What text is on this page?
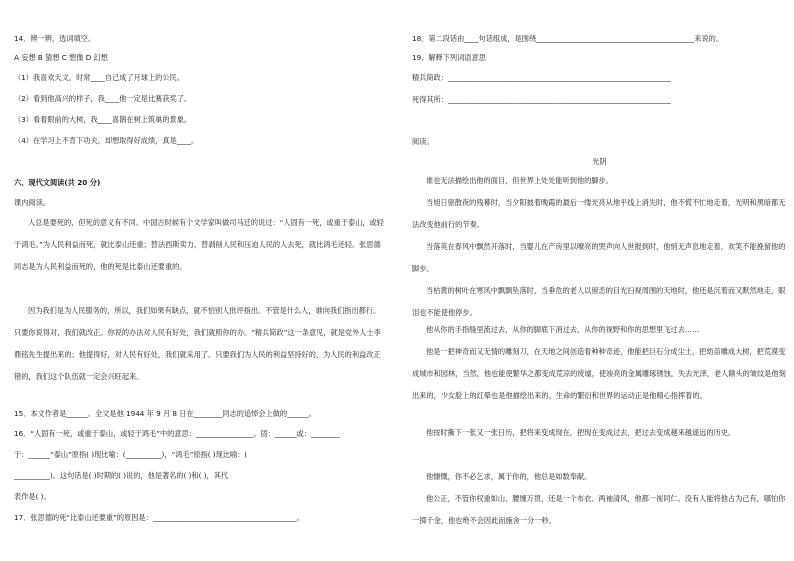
14．辨一辨，选词填空。
A 妄想 B 猜想 C 想像 D 幻想
（1）我喜欢天文，时常____自己成了月球上的公民。
（2）看到他高兴的样子，我____他一定是比赛获奖了。
（3）看着眼前的大树，我____喜鹊在树上筑巢的景象。
（4）在学习上不肯下功夫，却想取得好成绩，真是____。
六、现代文阅读(共 20 分)
课内阅读。
人总是要死的，但死的意义有不同。中国古时候有个文学家叫做司马迁的说过：“人固有一死，或重于泰山，或轻于鸿毛。”为人民利益而死，就比泰山还重；替法西斯卖力，替剥削人民和压迫人民的人去死，就比鸿毛还轻。张思德同志是为人民利益而死的，他的死是比泰山还要重的。
因为我们是为人民服务的，所以，我们如果有缺点，就不怕别人批评指出。不管是什么人，谁向我们指出都行。只要你说得对，我们就改正。你说的办法对人民有好处，我们就照你的办。“精兵简政”这一条意见，就是党外人士李鼎铭先生提出来的；他提得好，对人民有好处，我们就采用了。只要我们为人民的利益坚持好的，为人民的利益改正错的，我们这个队伍就一定会兴旺起来。
15．本文作者是______。全文是他 1944 年 9 月 8 日在________同志的追悼会上做的______。
16．“人固有一死，或重于泰山，或轻于鸿毛”中的意思：________________。固：______或：________
于：______“泰山”原指( )现比喻：(__________)，“鸿毛”原指( )现比喻：(
__________)。这句话是( )时期的( )说的，他是著名的( )和( )，其代
表作是( )。
17．张思德的死“比泰山还要重”的原因是：________________________________________。
18．第二段话由____句话组成，是围绕____________________________________________来说的。
19．解释下列词语意思
精兵简政：______________________________________________________________
死得其所：______________________________________________________________
阅读。
光阴
谁也无法描绘出他的面目，但世界上处处能听到他的脚步。
当旭日驱散夜的残幕时，当夕阳披着晚霞的最后一缕光亮从地平线上消失时，他不慌不忙地走着，光明和黑暗都无法改变他前行的节奏。
当落英在春风中飘然开落时，当婴儿在产房里以嘹亮的哭声向人世报到时，他悄无声息地走着，欢笑不能挽留他的脚步。
当枯黄的树叶在寒风中飘飘坠落时，当垂危的老人以留恋的目光扫视周围的天地时，他还是沉着而又默然地走，眼泪也不能使他停步。
他从你的手指缝里流过去，从你的脚底下消过去，从你的视野和你的思想里飞过去……
他是一把神奇而又无情的雕刻刀，在天地之间创造着种种奇迹，他能把巨石分成尘土，把幼苗雕成大树，把荒漠变成城市和园林，当然，他也能使繁华之都变成荒凉的废墟，使竣亮的金属雕琢锈蚀，失去光泽，老人额头的皱纹是他刻出来的，少女脸上的红晕也是他描绘出来的。生命的繁衍和世界的运动正是他精心指挥着的。
他按时撕下一张又一张日历，把将来变成现在，把现在变成过去，把过去变成越来越遥远的历史。
他慷慨，你不必乞求，属于你的，他总是如数奉献。
他公正，不管你权重如山、腰缠万贯，还是一个布衣、两袖清风，他都一视同仁。没有人能将他占为己有，哪怕你一掷千金，他也绝不会因此而施舍一分一秒。
